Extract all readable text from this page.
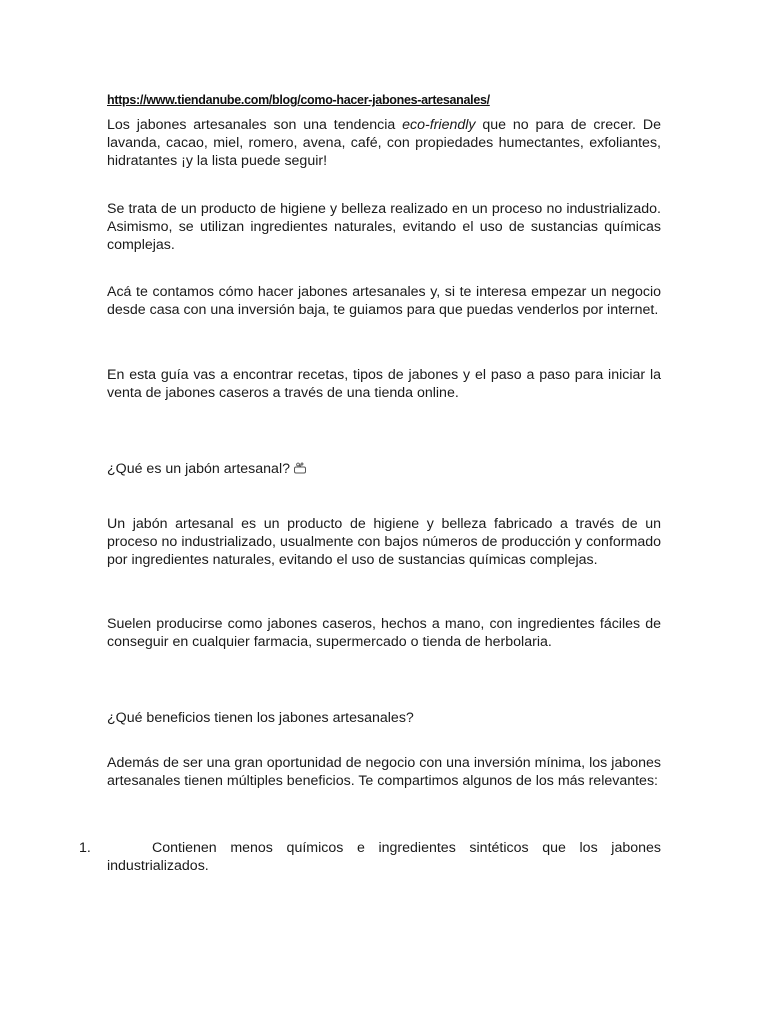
https://www.tiendanube.com/blog/como-hacer-jabones-artesanales/

Los jabones artesanales son una tendencia eco-friendly que no para de crecer. De lavanda, cacao, miel, romero, avena, café, con propiedades humectantes, exfoliantes, hidratantes ¡y la lista puede seguir!

Se trata de un producto de higiene y belleza realizado en un proceso no industrializado. Asimismo, se utilizan ingredientes naturales, evitando el uso de sustancias químicas complejas.

Acá te contamos cómo hacer jabones artesanales y, si te interesa empezar un negocio desde casa con una inversión baja, te guiamos para que puedas venderlos por internet.

En esta guía vas a encontrar recetas, tipos de jabones y el paso a paso para iniciar la venta de jabones caseros a través de una tienda online.

¿Qué es un jabón artesanal?

Un jabón artesanal es un producto de higiene y belleza fabricado a través de un proceso no industrializado, usualmente con bajos números de producción y conformado por ingredientes naturales, evitando el uso de sustancias químicas complejas.

Suelen producirse como jabones caseros, hechos a mano, con ingredientes fáciles de conseguir en cualquier farmacia, supermercado o tienda de herbolaria.

¿Qué beneficios tienen los jabones artesanales?

Además de ser una gran oportunidad de negocio con una inversión mínima, los jabones artesanales tienen múltiples beneficios. Te compartimos algunos de los más relevantes:

1.	Contienen menos químicos e ingredientes sintéticos que los jabones industrializados.
